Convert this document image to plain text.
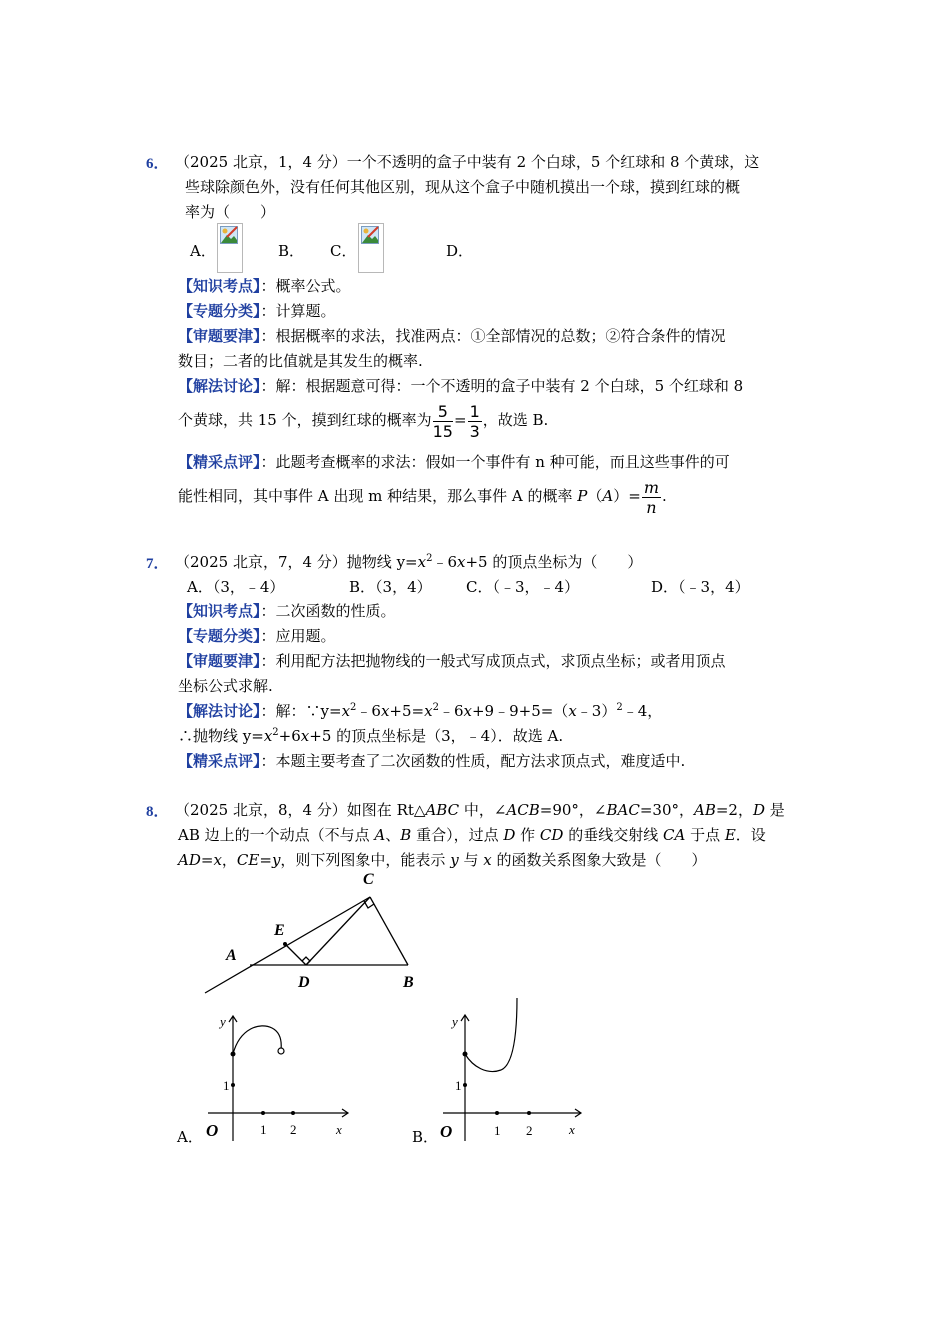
6． （2025 北京，1，4 分）一个不透明的盒子中装有 2 个白球，5 个红球和 8 个黄球，这
些球除颜色外，没有任何其他区别，现从这个盒子中随机摸出一个球，摸到红球的概
率为（　　）
A．	B． C．	D．
【知识考点】：概率公式。
【专题分类】：计算题。
【审题要津】：根据概率的求法，找准两点：①全部情况的总数；②符合条件的情况
数目；二者的比值就是其发生的概率.
【解法讨论】：解：根据题意可得：一个不透明的盒子中装有 2 个白球，5 个红球和 8
个黄球，共 15 个，摸到红球的概率为 $\frac{5}{15} = \frac{1}{3}$ ，故选 B.
【精采点评】：此题考查概率的求法：假如一个事件有 n 种可能，而且这些事件的可
能性相同，其中事件 A 出现 m 种结果，那么事件 A 的概率 $P(A)= \frac{m}{n}$ .
7． （2025 北京，7，4 分）抛物线 $y=x^2﹣6x+5$ 的顶点坐标为（　　）
A．（3，﹣4）	B．（3，4） C．（﹣3，﹣4）	D．（﹣3，4）
【知识考点】：二次函数的性质。
【专题分类】：应用题。
【审题要津】：利用配方法把抛物线的一般式写成顶点式，求顶点坐标；或者用顶点
坐标公式求解.
【解法讨论】：解：$\because y=x^2﹣6x+5=x^2﹣6x+9﹣9+5=(x﹣3)^2﹣4$，
∴抛物线 $y=x^2+6x+5$ 的顶点坐标是（3，﹣4）．故选 A.
【精采点评】：本题主要考查了二次函数的性质，配方法求顶点式，难度适中.
8． （2025 北京，8，4 分）如图在 Rt△ABC 中，∠ACB=90°，∠BAC=30°，AB=2，D 是
AB 边上的一个动点（不与点 A、B 重合），过点 D 作 CD 的垂线交射线 CA 于点 E．设
AD=x，CE=y，则下列图象中，能表示 y 与 x 的函数关系图象大致是（　　）
C
E
A
D	B
A．
y
x
O
1
1 2	B．
y
x
O
1
1 2
